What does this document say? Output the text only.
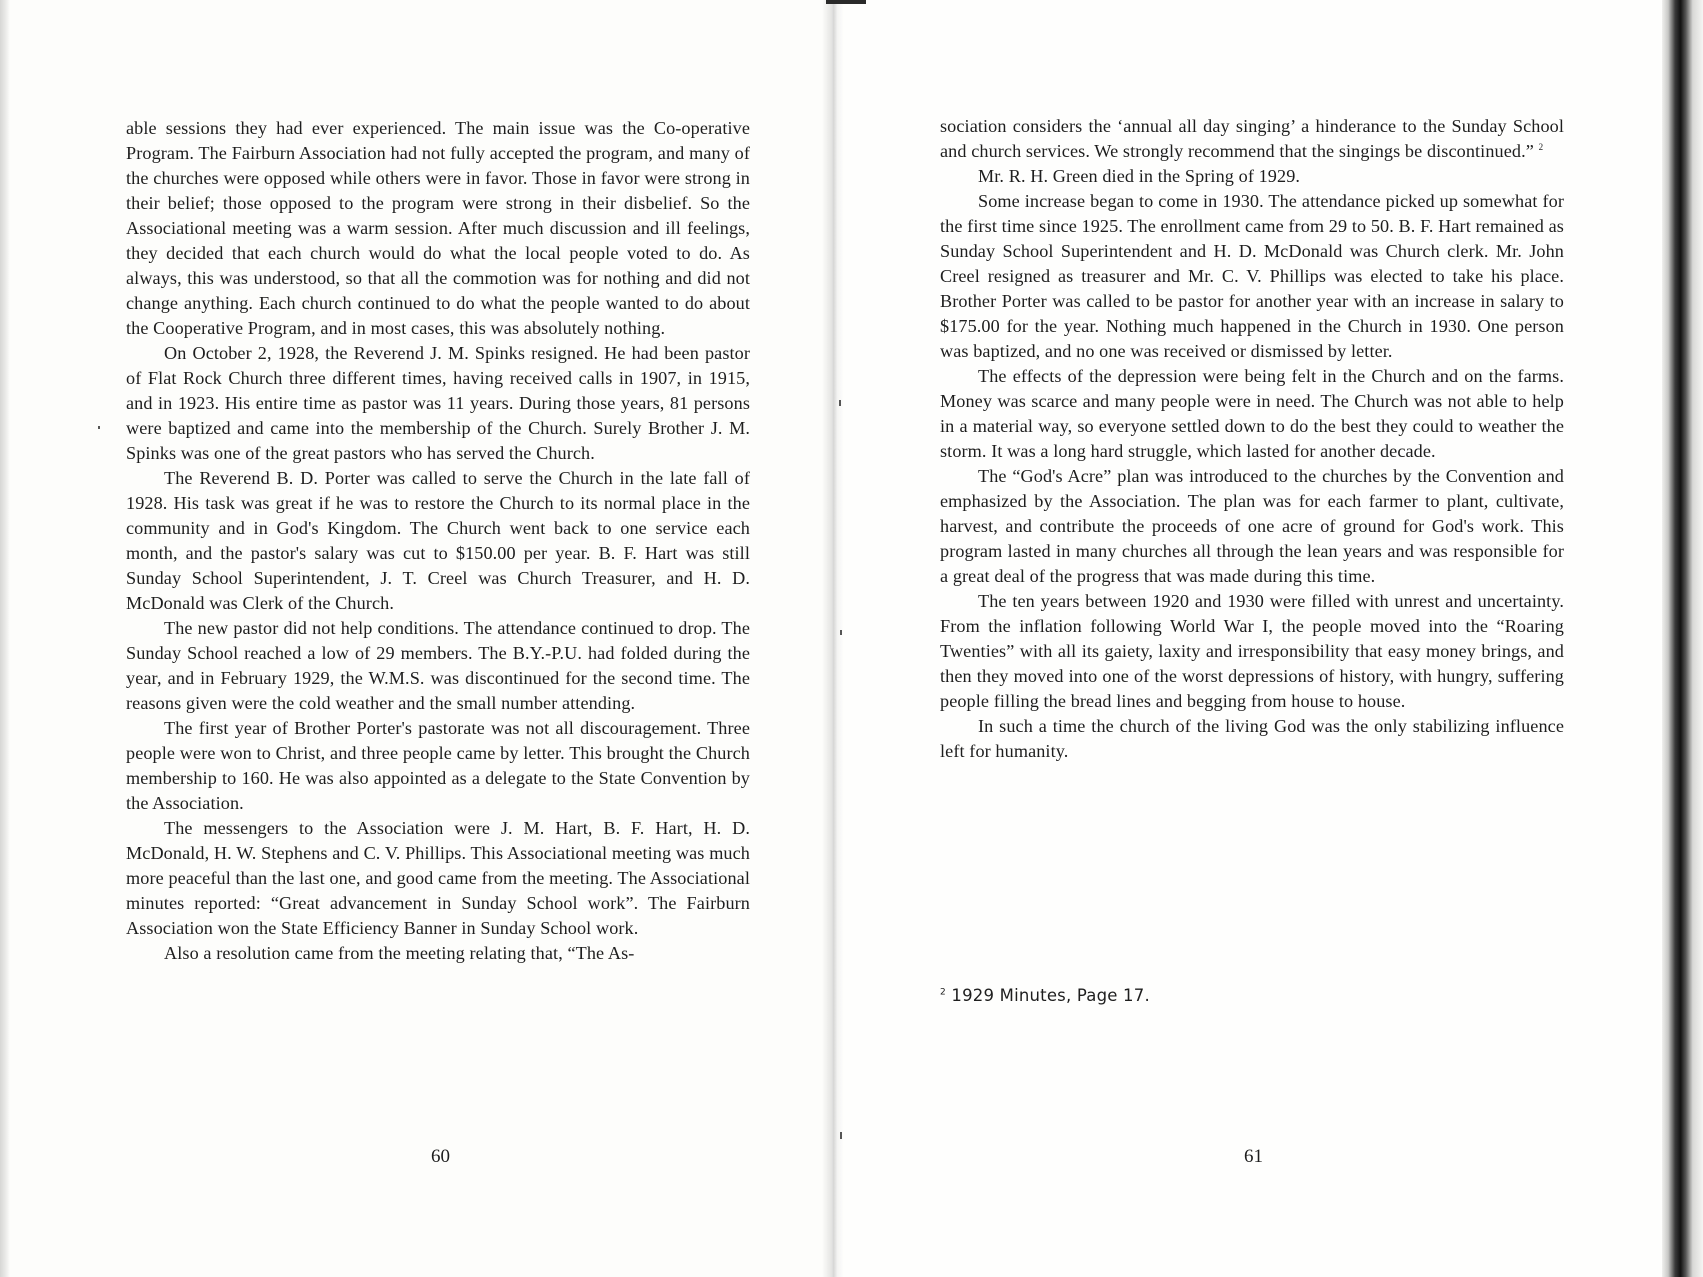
able sessions they had ever experienced. The main issue was the Co-operative Program. The Fairburn Association had not fully accepted the program, and many of the churches were opposed while others were in favor. Those in favor were strong in their belief; those opposed to the program were strong in their disbelief. So the Associational meeting was a warm session. After much discussion and ill feelings, they decided that each church would do what the local people voted to do. As always, this was understood, so that all the commotion was for nothing and did not change anything. Each church continued to do what the people wanted to do about the Cooperative Program, and in most cases, this was absolutely nothing.

On October 2, 1928, the Reverend J. M. Spinks resigned. He had been pastor of Flat Rock Church three different times, having received calls in 1907, in 1915, and in 1923. His entire time as pastor was 11 years. During those years, 81 persons were baptized and came into the membership of the Church. Surely Brother J. M. Spinks was one of the great pastors who has served the Church.

The Reverend B. D. Porter was called to serve the Church in the late fall of 1928. His task was great if he was to restore the Church to its normal place in the community and in God's Kingdom. The Church went back to one service each month, and the pastor's salary was cut to $150.00 per year. B. F. Hart was still Sunday School Superintendent, J. T. Creel was Church Treasurer, and H. D. McDonald was Clerk of the Church.

The new pastor did not help conditions. The attendance continued to drop. The Sunday School reached a low of 29 members. The B.Y.-P.U. had folded during the year, and in February 1929, the W.M.S. was discontinued for the second time. The reasons given were the cold weather and the small number attending.

The first year of Brother Porter's pastorate was not all discouragement. Three people were won to Christ, and three people came by letter. This brought the Church membership to 160. He was also appointed as a delegate to the State Convention by the Association.

The messengers to the Association were J. M. Hart, B. F. Hart, H. D. McDonald, H. W. Stephens and C. V. Phillips. This Associational meeting was much more peaceful than the last one, and good came from the meeting. The Associational minutes reported: “Great advancement in Sunday School work”. The Fairburn Association won the State Efficiency Banner in Sunday School work.

Also a resolution came from the meeting relating that, “The As-

60

sociation considers the ‘annual all day singing’ a hinderance to the Sunday School and church services. We strongly recommend that the singings be discontinued.” $^2$

Mr. R. H. Green died in the Spring of 1929.

Some increase began to come in 1930. The attendance picked up somewhat for the first time since 1925. The enrollment came from 29 to 50. B. F. Hart remained as Sunday School Superintendent and H. D. McDonald was Church clerk. Mr. John Creel resigned as treasurer and Mr. C. V. Phillips was elected to take his place. Brother Porter was called to be pastor for another year with an increase in salary to $175.00 for the year. Nothing much happened in the Church in 1930. One person was baptized, and no one was received or dismissed by letter.

The effects of the depression were being felt in the Church and on the farms. Money was scarce and many people were in need. The Church was not able to help in a material way, so everyone settled down to do the best they could to weather the storm. It was a long hard struggle, which lasted for another decade.

The “God's Acre” plan was introduced to the churches by the Convention and emphasized by the Association. The plan was for each farmer to plant, cultivate, harvest, and contribute the proceeds of one acre of ground for God's work. This program lasted in many churches all through the lean years and was responsible for a great deal of the progress that was made during this time.

The ten years between 1920 and 1930 were filled with unrest and uncertainty. From the inflation following World War I, the people moved into the “Roaring Twenties” with all its gaiety, laxity and irresponsibility that easy money brings, and then they moved into one of the worst depressions of history, with hungry, suffering people filling the bread lines and begging from house to house.

In such a time the church of the living God was the only stabilizing influence left for humanity.

$^2$ 1929 Minutes, Page 17.
61
